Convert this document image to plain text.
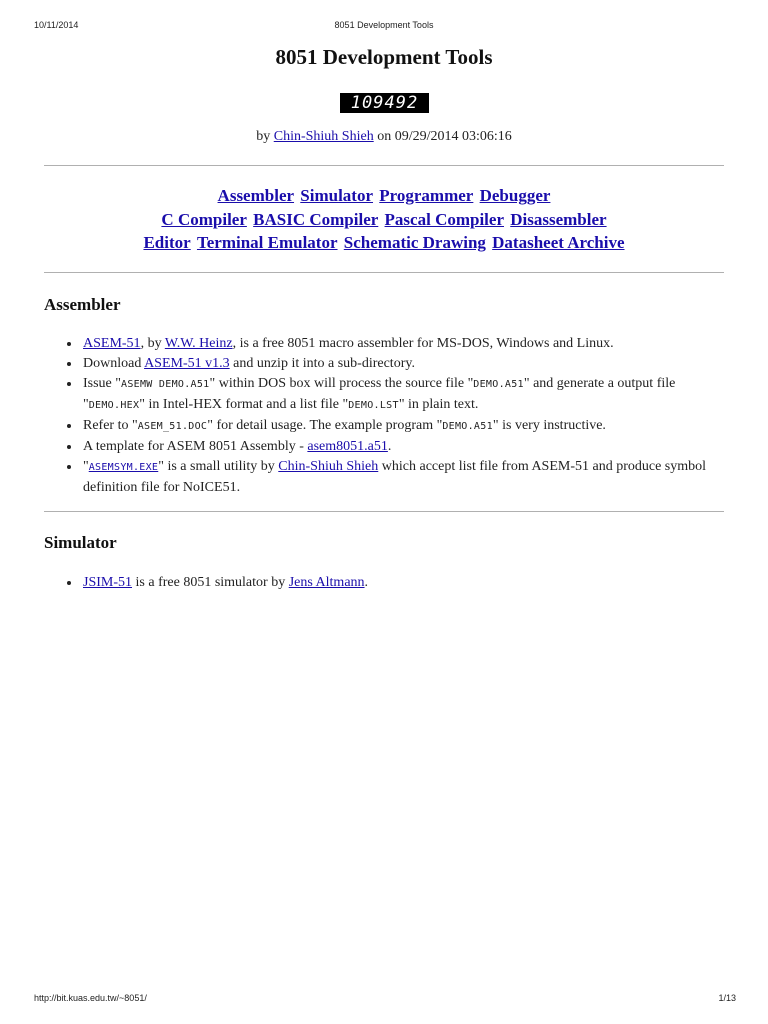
10/11/2014	8051 Development Tools
8051 Development Tools
109492
by Chin-Shiuh Shieh on 09/29/2014 03:06:16
Assembler Simulator Programmer Debugger
C Compiler BASIC Compiler Pascal Compiler Disassembler
Editor Terminal Emulator Schematic Drawing Datasheet Archive
Assembler
ASEM-51, by W.W. Heinz, is a free 8051 macro assembler for MS-DOS, Windows and Linux.
Download ASEM-51 v1.3 and unzip it into a sub-directory.
Issue "ASEMW DEMO.A51" within DOS box will process the source file "DEMO.A51" and generate a output file "DEMO.HEX" in Intel-HEX format and a list file "DEMO.LST" in plain text.
Refer to "ASEM_51.DOC" for detail usage. The example program "DEMO.A51" is very instructive.
A template for ASEM 8051 Assembly - asem8051.a51.
"ASEMSYM.EXE" is a small utility by Chin-Shiuh Shieh which accept list file from ASEM-51 and produce symbol definition file for NoICE51.
Simulator
JSIM-51 is a free 8051 simulator by Jens Altmann.
http://bit.kuas.edu.tw/~8051/	1/13
